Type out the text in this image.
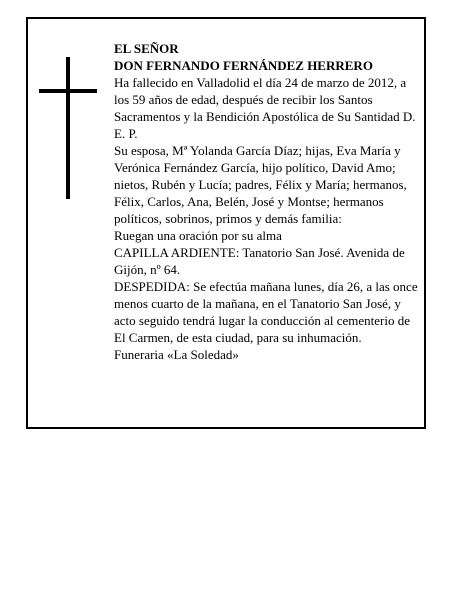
EL SEÑOR

DON FERNANDO FERNÁNDEZ HERRERO

Ha fallecido en Valladolid el día 24 de marzo de 2012, a los 59 años de edad, después de recibir los Santos Sacramentos y la Bendición Apostólica de Su Santidad D. E. P.

Su esposa, Mª Yolanda García Díaz; hijas, Eva María y Verónica Fernández García, hijo político, David Amo; nietos, Rubén y Lucía; padres, Félix y María; hermanos, Félix, Carlos, Ana, Belén, José y Montse; hermanos políticos, sobrinos, primos y demás familia:

Ruegan una oración por su alma

CAPILLA ARDIENTE: Tanatorio San José. Avenida de Gijón, nº 64.

DESPEDIDA: Se efectúa mañana lunes, día 26, a las once menos cuarto de la mañana, en el Tanatorio San José, y acto seguido tendrá lugar la conducción al cementerio de El Carmen, de esta ciudad, para su inhumación.

Funeraria «La Soledad»
